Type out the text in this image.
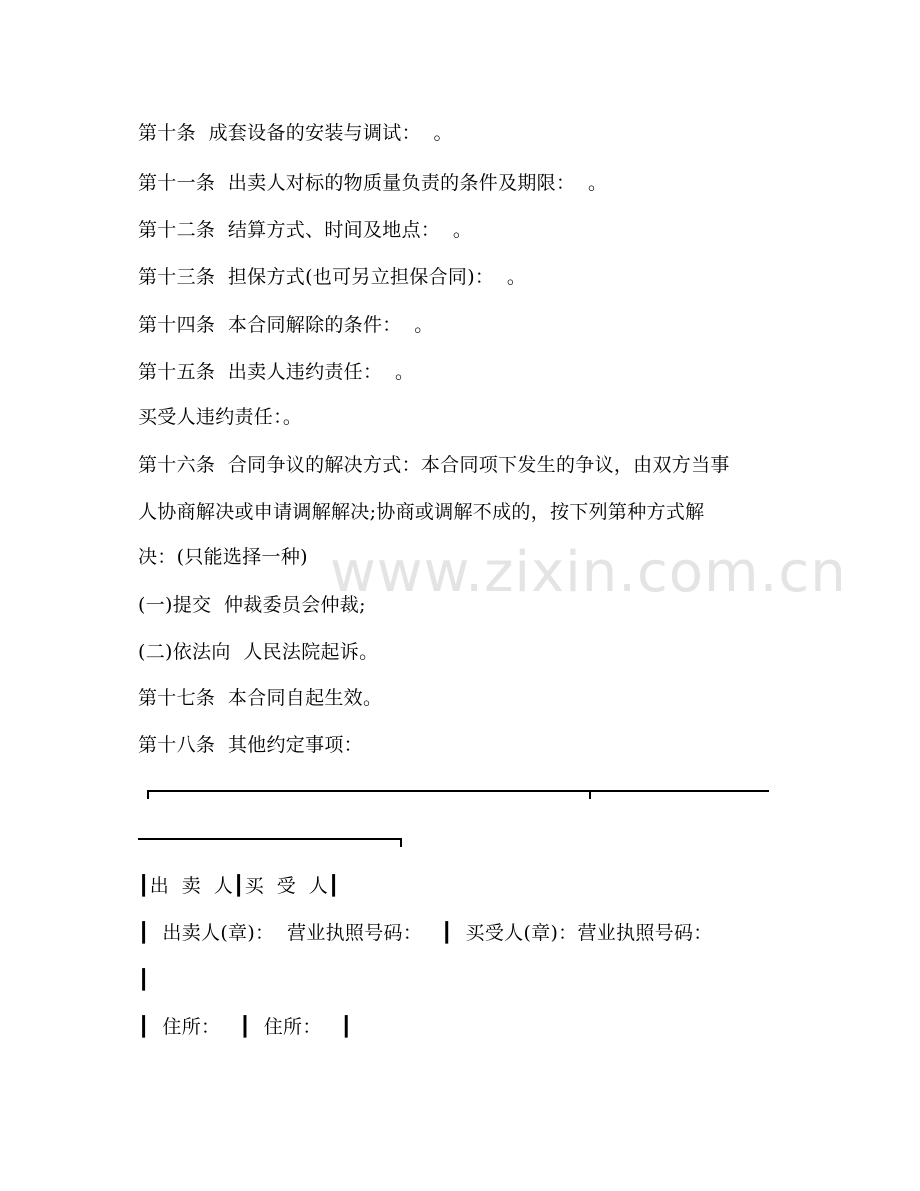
www.zixin.com.cn
第十条  成套设备的安装与调试：  。
第十一条  出卖人对标的物质量负责的条件及期限：  。
第十二条  结算方式、时间及地点：  。
第十三条  担保方式(也可另立担保合同)：  。
第十四条  本合同解除的条件：  。
第十五条  出卖人违约责任：  。
买受人违约责任：。
第十六条  合同争议的解决方式：本合同项下发生的争议，由双方当事
人协商解决或申请调解解决;协商或调解不成的，按下列第种方式解
决：(只能选择一种)
(一)提交  仲裁委员会仲裁;
(二)依法向  人民法院起诉。
第十七条  本合同自起生效。
第十八条  其他约定事项：
┃出  卖  人┃买  受  人┃
┃  出卖人(章)：  营业执照号码：   ┃  买受人(章)：营业执照号码：
┃
┃  住所：   ┃  住所：   ┃
